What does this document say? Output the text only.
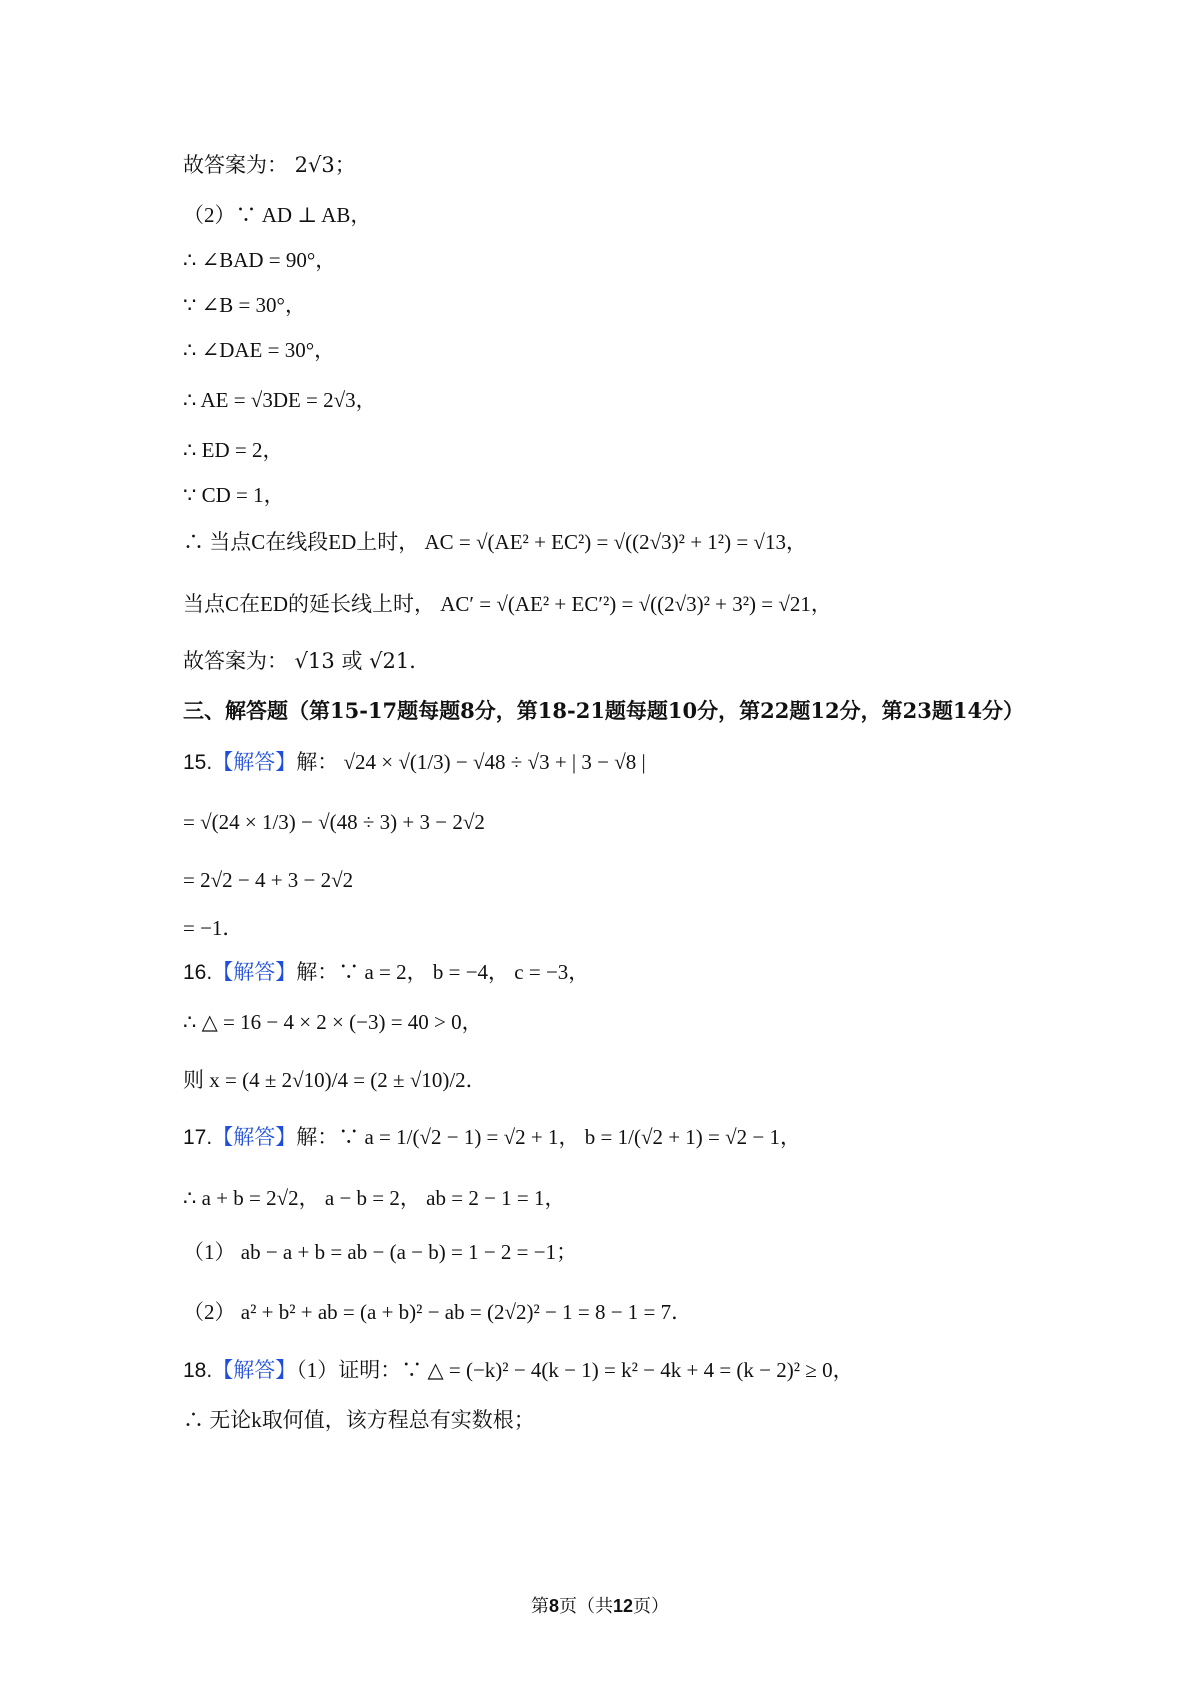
故答案为： 2√3；
（2）∵ AD ⊥ AB，
∴ ∠BAD = 90°，
∵ ∠B = 30°，
∴ ∠DAE = 30°，
∴ AE = √3DE = 2√3，
∴ ED = 2，
∵ CD = 1，
∴ 当点C在线段ED上时， AC = √(AE² + EC²) = √((2√3)² + 1²) = √13，
当点C在ED的延长线上时， AC′ = √(AE² + EC′²) = √((2√3)² + 3²) = √21，
故答案为： √13 或 √21．
三、解答题（第15-17题每题8分，第18-21题每题10分，第22题12分，第23题14分）
15.【解答】解： √24 × √(1/3) − √48 ÷ √3 + | 3 − √8 |
= √(24 × 1/3) − √(48 ÷ 3) + 3 − 2√2
= 2√2 − 4 + 3 − 2√2
= −1．
16.【解答】解：∵ a = 2， b = −4， c = −3，
∴ △ = 16 − 4 × 2 × (−3) = 40 > 0，
则 x = (4 ± 2√10)/4 = (2 ± √10)/2．
17.【解答】解：∵ a = 1/(√2 − 1) = √2 + 1， b = 1/(√2 + 1) = √2 − 1，
∴ a + b = 2√2， a − b = 2， ab = 2 − 1 = 1，
（1） ab − a + b = ab − (a − b) = 1 − 2 = −1；
（2） a² + b² + ab = (a + b)² − ab = (2√2)² − 1 = 8 − 1 = 7．
18.【解答】（1）证明：∵ △ = (−k)² − 4(k − 1) = k² − 4k + 4 = (k − 2)² ≥ 0，
∴ 无论k取何值，该方程总有实数根；
第8页（共12页）
